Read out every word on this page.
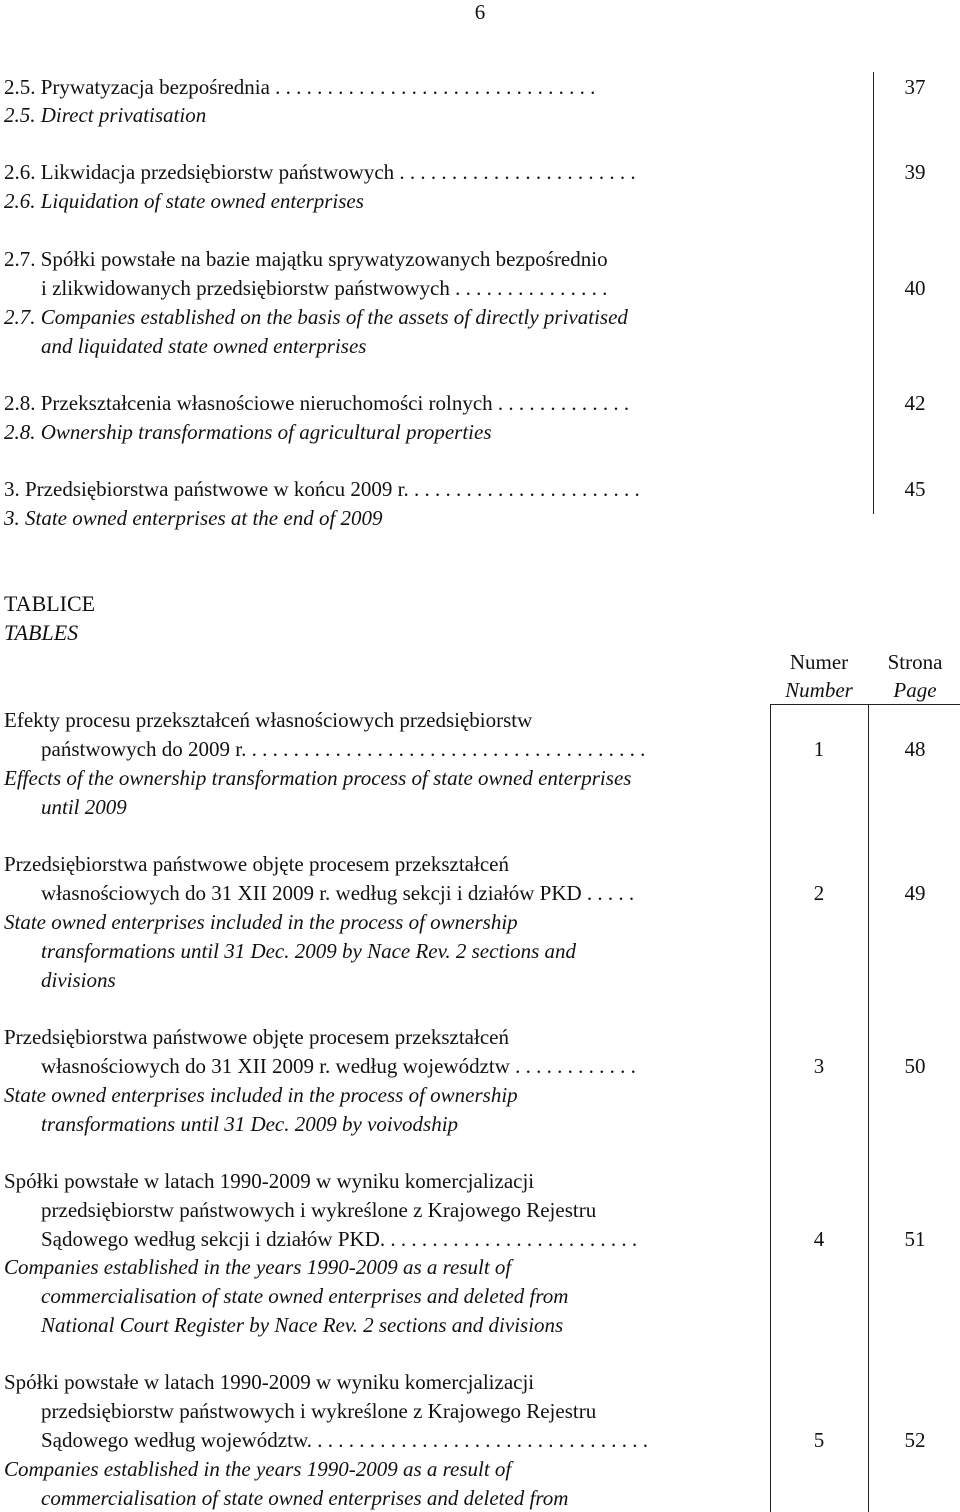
6
2.5. Prywatyzacja bezpośrednia . . . . . . . . . . . . . . . . . . . . . . . . . . . . . . .
2.5. Direct privatisation
37
2.6. Likwidacja przedsiębiorstw państwowych . . . . . . . . . . . . . . . . . . . . . . .
2.6. Liquidation of state owned enterprises
39
2.7. Spółki powstałe na bazie majątku sprywatyzowanych bezpośrednio
i zlikwidowanych przedsiębiorstw państwowych . . . . . . . . . . . . . . .
2.7. Companies established on the basis of the assets of directly privatised
and liquidated state owned enterprises
40
2.8. Przekształcenia własnościowe nieruchomości rolnych . . . . . . . . . . . . .
2.8. Ownership transformations of agricultural properties
42
3. Przedsiębiorstwa państwowe w końcu 2009 r. . . . . . . . . . . . . . . . . . . . . . .
3. State owned enterprises at the end of 2009
45
TABLICE
TABLES
Numer
Number
Strona
Page
Efekty procesu przekształceń własnościowych przedsiębiorstw
państwowych do 2009 r. . . . . . . . . . . . . . . . . . . . . . . . . . . . . . . . . . . . . . .
Effects of the ownership transformation process of state owned enterprises
until 2009
1	48
Przedsiębiorstwa państwowe objęte procesem przekształceń
własnościowych do 31 XII 2009 r. według sekcji i działów PKD . . . . .
State owned enterprises included in the process of ownership
transformations until 31 Dec. 2009 by Nace Rev. 2 sections and
divisions
2	49
Przedsiębiorstwa państwowe objęte procesem przekształceń
własnościowych do 31 XII 2009 r. według województw . . . . . . . . . . . .
State owned enterprises included in the process of ownership
transformations until 31 Dec. 2009 by voivodship
3	50
Spółki powstałe w latach 1990-2009 w wyniku komercjalizacji
przedsiębiorstw państwowych i wykreślone z Krajowego Rejestru
Sądowego według sekcji i działów PKD. . . . . . . . . . . . . . . . . . . . . . . . .
Companies established in the years 1990-2009 as a result of
commercialisation of state owned enterprises and deleted from
National Court Register by Nace Rev. 2 sections and divisions
4	51
Spółki powstałe w latach 1990-2009 w wyniku komercjalizacji
przedsiębiorstw państwowych i wykreślone z Krajowego Rejestru
Sądowego według województw. . . . . . . . . . . . . . . . . . . . . . . . . . . . . . . . .
Companies established in the years 1990-2009 as a result of
commercialisation of state owned enterprises and deleted from
5	52
